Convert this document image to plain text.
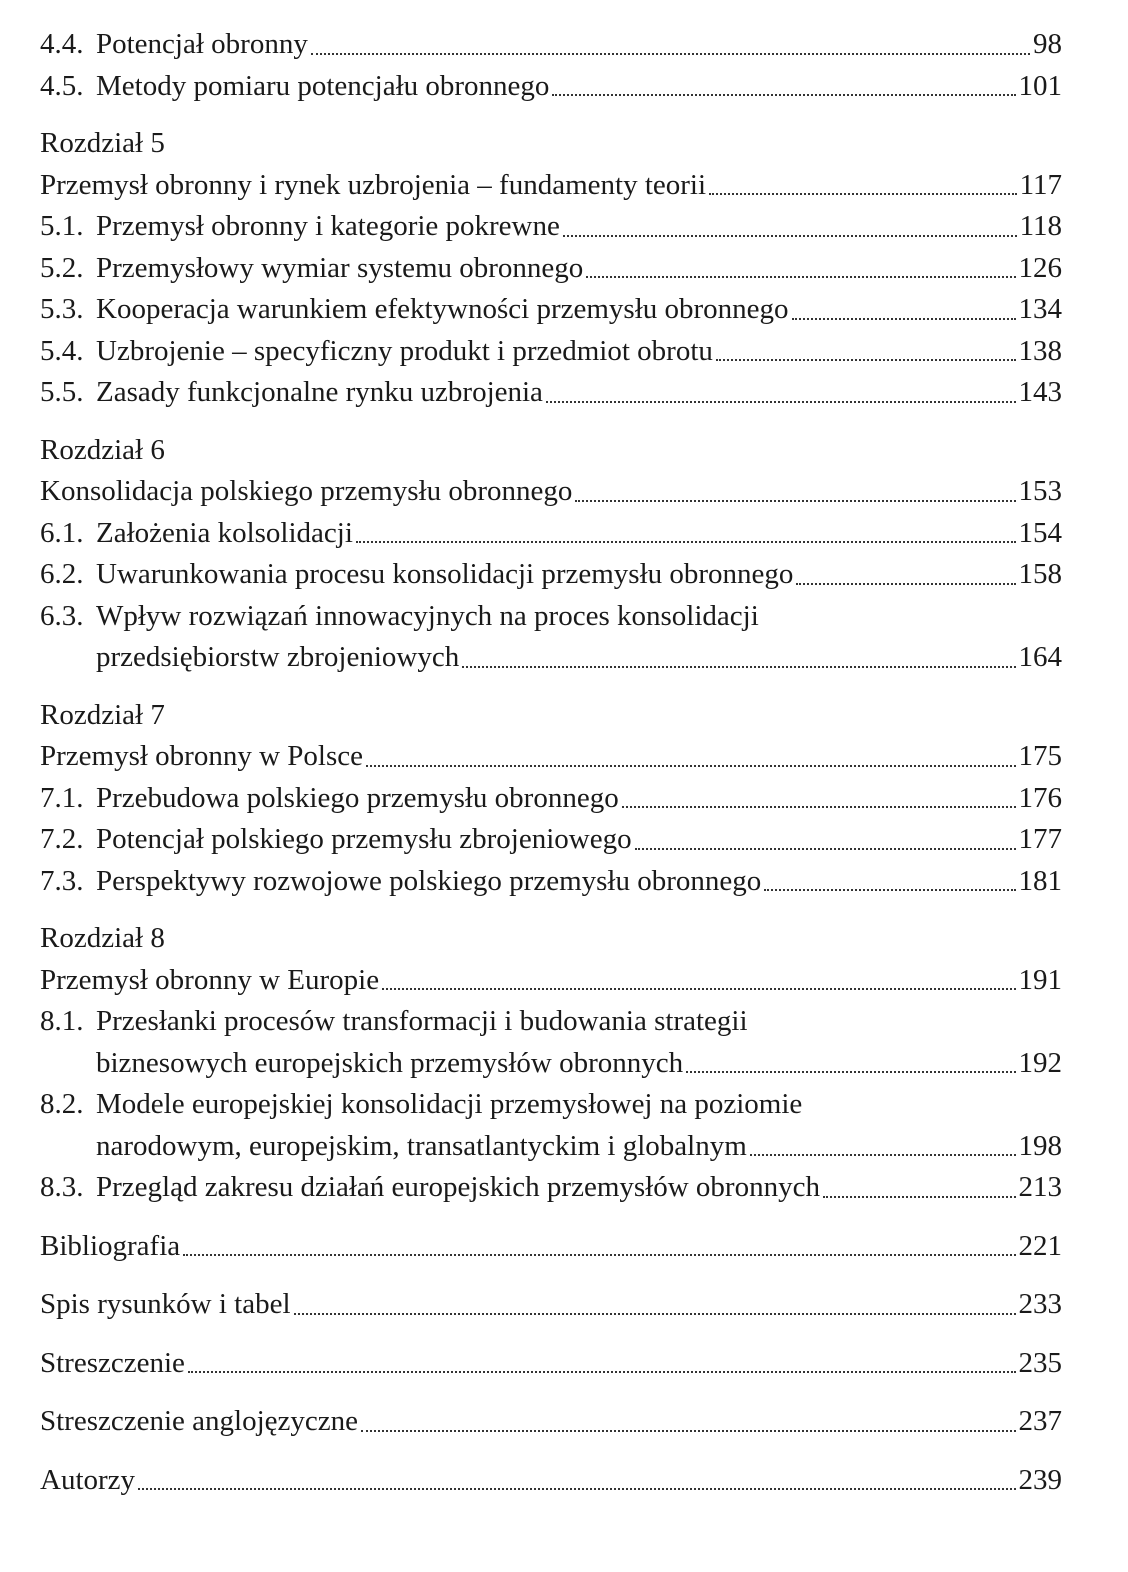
4.4. Potencjał obronny	98
4.5. Metody pomiaru potencjału obronnego	101
Rozdział 5
Przemysł obronny i rynek uzbrojenia – fundamenty teorii	117
5.1. Przemysł obronny i kategorie pokrewne	118
5.2. Przemysłowy wymiar systemu obronnego	126
5.3. Kooperacja warunkiem efektywności przemysłu obronnego	134
5.4. Uzbrojenie – specyficzny produkt i przedmiot obrotu	138
5.5. Zasady funkcjonalne rynku uzbrojenia	143
Rozdział 6
Konsolidacja polskiego przemysłu obronnego	153
6.1. Założenia kolsolidacji	154
6.2. Uwarunkowania procesu konsolidacji przemysłu obronnego	158
6.3. Wpływ rozwiązań innowacyjnych na proces konsolidacji
przedsiębiorstw zbrojeniowych	164
Rozdział 7
Przemysł obronny w Polsce	175
7.1. Przebudowa polskiego przemysłu obronnego	176
7.2. Potencjał polskiego przemysłu zbrojeniowego	177
7.3. Perspektywy rozwojowe polskiego przemysłu obronnego	181
Rozdział 8
Przemysł obronny w Europie	191
8.1. Przesłanki procesów transformacji i budowania strategii
biznesowych europejskich przemysłów obronnych	192
8.2. Modele europejskiej konsolidacji przemysłowej na poziomie
narodowym, europejskim, transatlantyckim i globalnym	198
8.3. Przegląd zakresu działań europejskich przemysłów obronnych	213
Bibliografia	221
Spis rysunków i tabel	233
Streszczenie	235
Streszczenie anglojęzyczne	237
Autorzy	239
